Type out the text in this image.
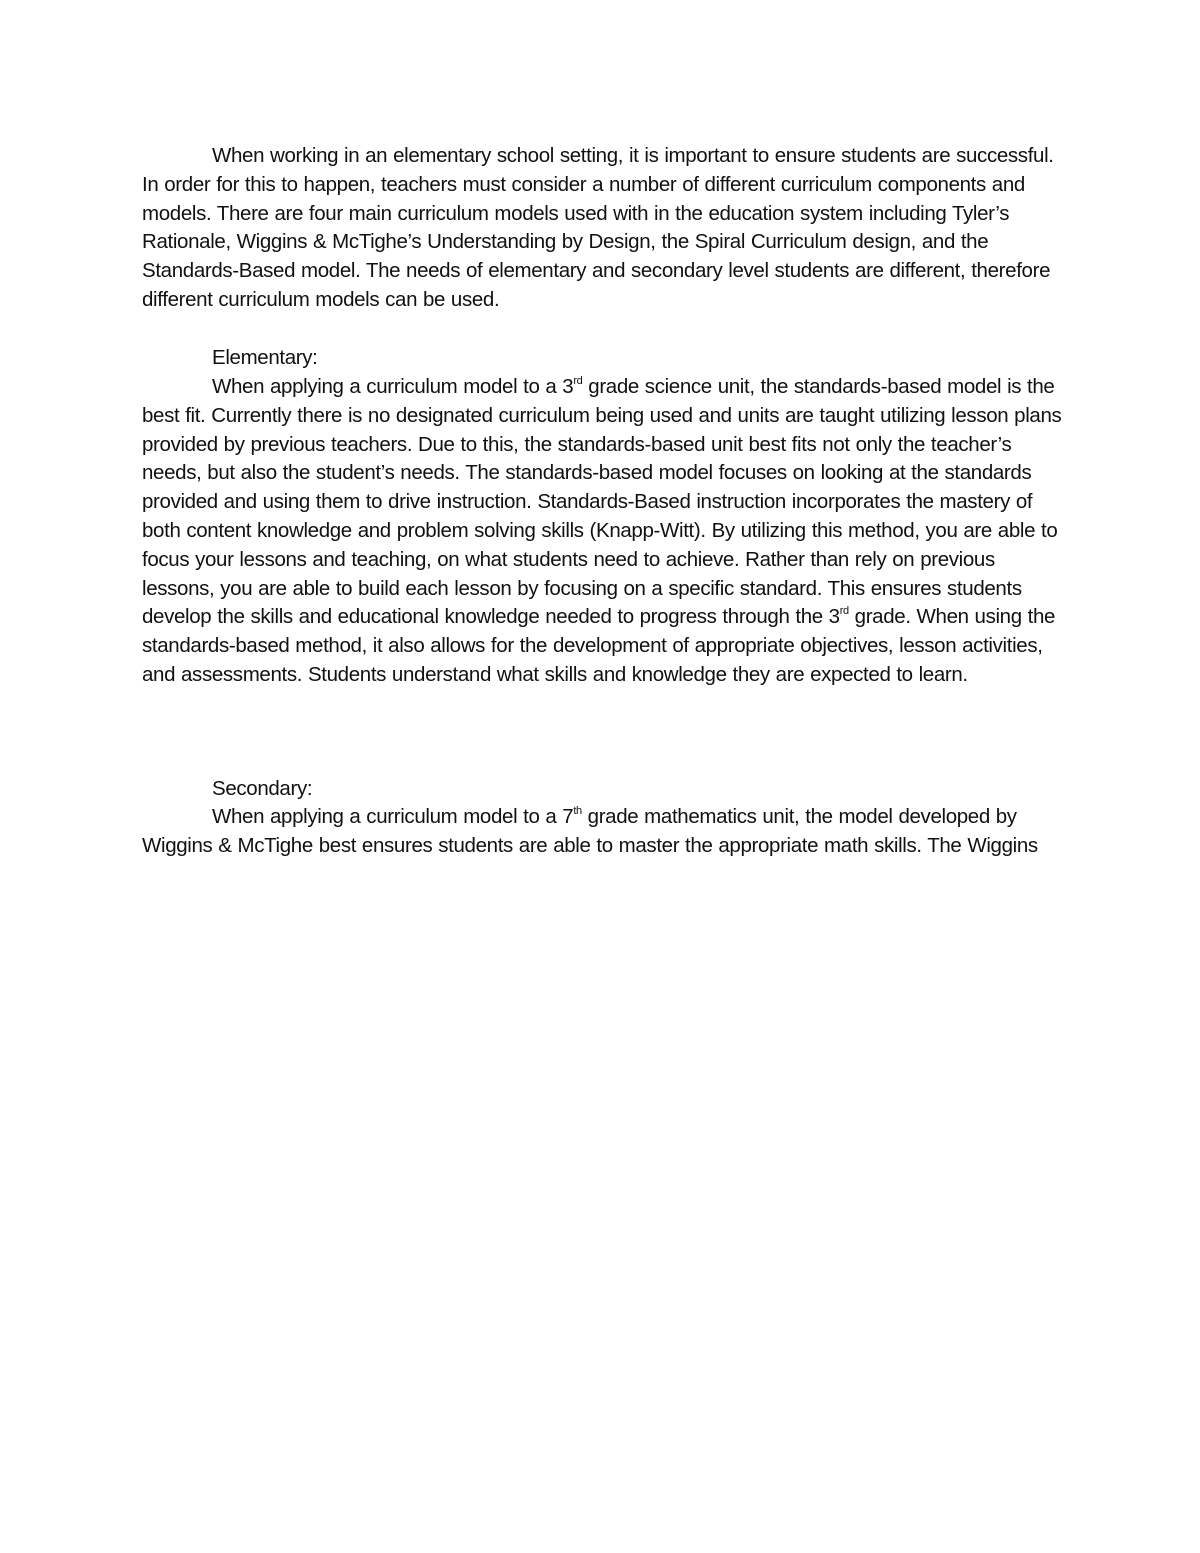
When working in an elementary school setting, it is important to ensure students are successful. In order for this to happen, teachers must consider a number of different curriculum components and models. There are four main curriculum models used with in the education system including Tyler’s Rationale, Wiggins & McTighe’s Understanding by Design, the Spiral Curriculum design, and the Standards-Based model. The needs of elementary and secondary level students are different, therefore different curriculum models can be used.

Elementary:

When applying a curriculum model to a 3rd grade science unit, the standards-based model is the best fit. Currently there is no designated curriculum being used and units are taught utilizing lesson plans provided by previous teachers. Due to this, the standards-based unit best fits not only the teacher’s needs, but also the student’s needs. The standards-based model focuses on looking at the standards provided and using them to drive instruction. Standards-Based instruction incorporates the mastery of both content knowledge and problem solving skills (Knapp-Witt). By utilizing this method, you are able to focus your lessons and teaching, on what students need to achieve. Rather than rely on previous lessons, you are able to build each lesson by focusing on a specific standard. This ensures students develop the skills and educational knowledge needed to progress through the 3rd grade. When using the standards-based method, it also allows for the development of appropriate objectives, lesson activities, and assessments. Students understand what skills and knowledge they are expected to learn.

Secondary:

When applying a curriculum model to a 7th grade mathematics unit, the model developed by Wiggins & McTighe best ensures students are able to master the appropriate math skills. The Wiggins
